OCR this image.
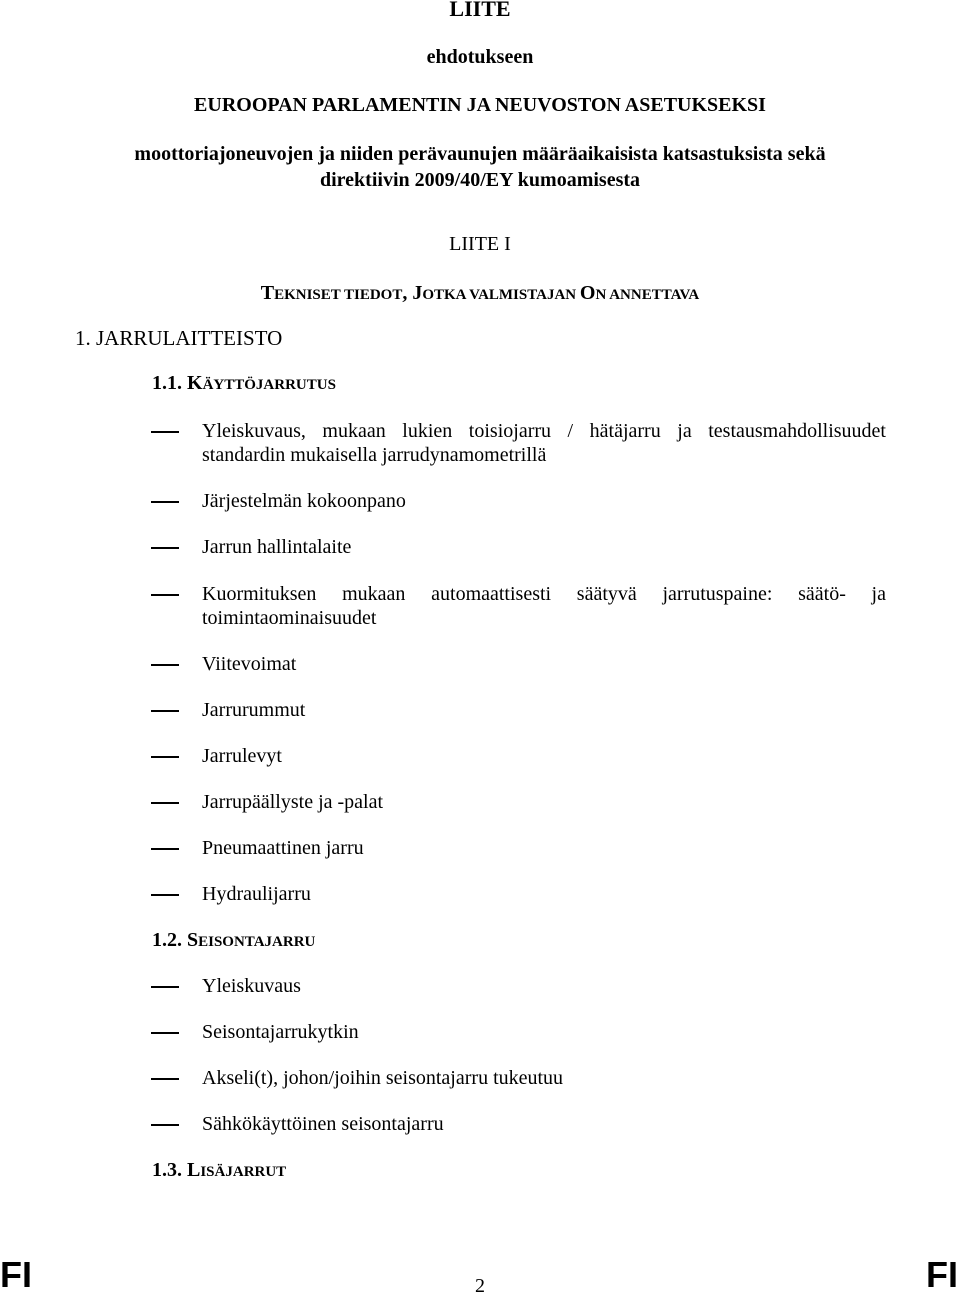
LIITE
ehdotukseen
EUROOPAN PARLAMENTIN JA NEUVOSTON ASETUKSEKSI
moottoriajoneuvojen ja niiden perävaunujen määräaikaisista katsastuksista sekä
direktiivin 2009/40/EY kumoamisesta
LIITE I
TEKNISET TIEDOT, JOTKA VALMISTAJAN ON ANNETTAVA
1. JARRULAITTEISTO
1.1. KÄYTTÖJARRUTUS
Yleiskuvaus, mukaan lukien toisiojarru / hätäjarru ja testausmahdollisuudet standardin mukaisella jarrudynamometrillä
Järjestelmän kokoonpano
Jarrun hallintalaite
Kuormituksen mukaan automaattisesti säätyvä jarrutuspaine: säätö- ja toimintaominaisuudet
Viitevoimat
Jarrurummut
Jarrulevyt
Jarrupäällyste ja -palat
Pneumaattinen jarru
Hydraulijarru
1.2. SEISONTAJARRU
Yleiskuvaus
Seisontajarrukytkin
Akseli(t), johon/joihin seisontajarru tukeutuu
Sähkökäyttöinen seisontajarru
1.3. LISÄJARRUT
FI	2	FI
